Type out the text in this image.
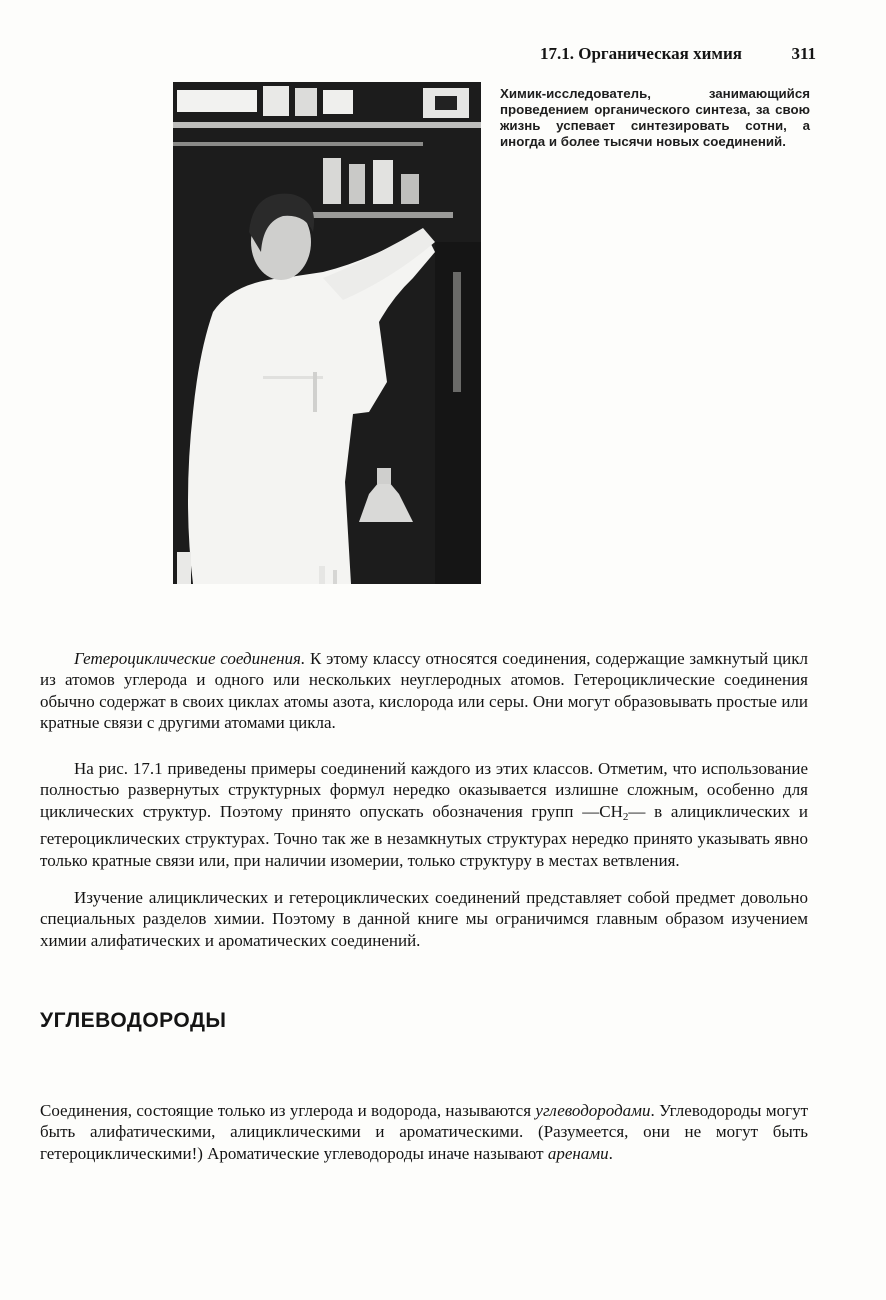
17.1. Органическая химия	311
Химик-исследователь, занимающийся проведением органического синтеза, за свою жизнь успевает синтезировать сотни, а иногда и более тысячи новых соединений.

Гетероциклические соединения. К этому классу относятся соединения, содержащие замкнутый цикл из атомов углерода и одного или нескольких неуглеродных атомов. Гетероциклические соединения обычно содержат в своих циклах атомы азота, кислорода или серы. Они могут образовывать простые или кратные связи с другими атомами цикла.

На рис. 17.1 приведены примеры соединений каждого из этих классов. Отметим, что использование полностью развернутых структурных формул нередко оказывается излишне сложным, особенно для циклических структур. Поэтому принято опускать обозначения групп $—CH_2—$ в алициклических и гетероциклических структурах. Точно так же в незамкнутых структурах нередко принято указывать явно только кратные связи или, при наличии изомерии, только структуру в местах ветвления.

Изучение алициклических и гетероциклических соединений представляет собой предмет довольно специальных разделов химии. Поэтому в данной книге мы ограничимся главным образом изучением химии алифатических и ароматических соединений.

УГЛЕВОДОРОДЫ

Соединения, состоящие только из углерода и водорода, называются углеводородами. Углеводороды могут быть алифатическими, алициклическими и ароматическими. (Разумеется, они не могут быть гетероциклическими!) Ароматические углеводороды иначе называют аренами.
